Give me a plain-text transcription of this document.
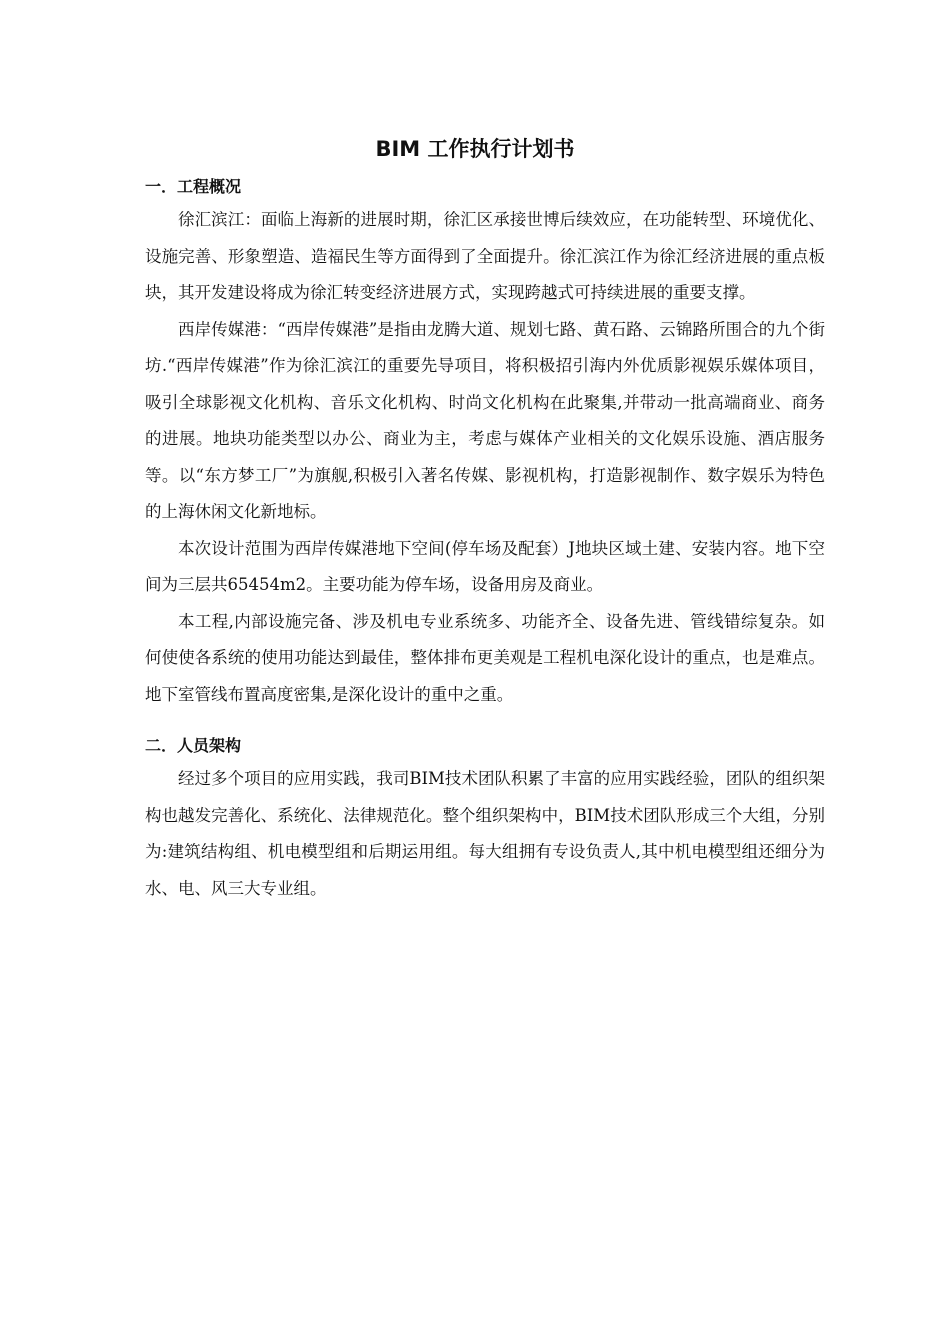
BIM 工作执行计划书
一．工程概况

徐汇滨江：面临上海新的进展时期，徐汇区承接世博后续效应，在功能转型、环境优化、设施完善、形象塑造、造福民生等方面得到了全面提升。徐汇滨江作为徐汇经济进展的重点板块，其开发建设将成为徐汇转变经济进展方式，实现跨越式可持续进展的重要支撑。

西岸传媒港：“西岸传媒港”是指由龙腾大道、规划七路、黄石路、云锦路所围合的九个街坊.“西岸传媒港”作为徐汇滨江的重要先导项目，将积极招引海内外优质影视娱乐媒体项目，吸引全球影视文化机构、音乐文化机构、时尚文化机构在此聚集,并带动一批高端商业、商务的进展。地块功能类型以办公、商业为主，考虑与媒体产业相关的文化娱乐设施、酒店服务等。以“东方梦工厂”为旗舰,积极引入著名传媒、影视机构，打造影视制作、数字娱乐为特色的上海休闲文化新地标。

本次设计范围为西岸传媒港地下空间(停车场及配套）J地块区域土建、安装内容。地下空间为三层共65454m2。主要功能为停车场，设备用房及商业。

本工程,内部设施完备、涉及机电专业系统多、功能齐全、设备先进、管线错综复杂。如何使使各系统的使用功能达到最佳，整体排布更美观是工程机电深化设计的重点，也是难点。地下室管线布置高度密集,是深化设计的重中之重。

二．人员架构

经过多个项目的应用实践，我司BIM技术团队积累了丰富的应用实践经验，团队的组织架构也越发完善化、系统化、法律规范化。整个组织架构中，BIM技术团队形成三个大组，分别为:建筑结构组、机电模型组和后期运用组。每大组拥有专设负责人,其中机电模型组还细分为水、电、风三大专业组。
